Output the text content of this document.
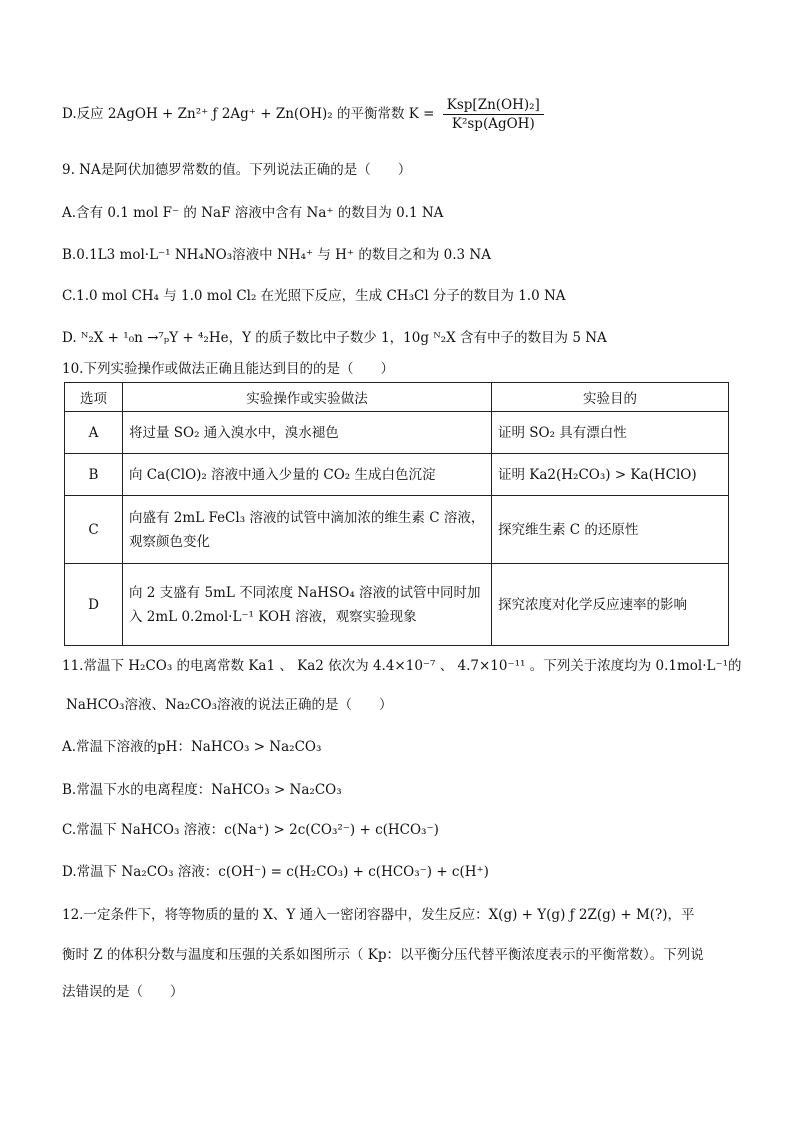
D.反应 2AgOH + Zn²⁺ ƒ 2Ag⁺ + Zn(OH)₂ 的平衡常数 $K = \frac{\text{Ksp[Zn(OH)₂]}}{\text{K²sp(AgOH)}}$
9. NA是阿伏加德罗常数的值。下列说法正确的是（　　）
A.含有 0.1 mol F⁻ 的 NaF 溶液中含有 Na⁺ 的数目为 0.1 NA
B.0.1L3 mol·L⁻¹ NH₄NO₃溶液中 NH₄⁺ 与 H⁺ 的数目之和为 0.3 NA
C.1.0 mol CH₄ 与 1.0 mol Cl₂ 在光照下反应，生成 CH₃Cl 分子的数目为 1.0 NA
D. ᴺ₂X + ¹₀n →⁷ₚY + ⁴₂He，Y 的质子数比中子数少 1，10g ᴺ₂X 含有中子的数目为 5 NA
10.下列实验操作或做法正确且能达到目的的是（　　）
选项	实验操作或实验做法	实验目的
A	将过量 SO₂ 通入溴水中，溴水褪色	证明 SO₂ 具有漂白性
B	向 Ca(ClO)₂ 溶液中通入少量的 CO₂ 生成白色沉淀	证明 Ka2(H₂CO₃) > Ka(HClO)
C	向盛有 2mL FeCl₃ 溶液的试管中滴加浓的维生素 C 溶液，观察颜色变化	探究维生素 C 的还原性
D	向 2 支盛有 5mL 不同浓度 NaHSO₄ 溶液的试管中同时加入 2mL 0.2mol·L⁻¹ KOH 溶液，观察实验现象	探究浓度对化学反应速率的影响
11.常温下 H₂CO₃ 的电离常数 Ka1 、 Ka2 依次为 4.4×10⁻⁷ 、 4.7×10⁻¹¹ 。下列关于浓度均为 0.1mol·L⁻¹的
NaHCO₃溶液、Na₂CO₃溶液的说法正确的是（　　）
A.常温下溶液的pH：NaHCO₃ > Na₂CO₃
B.常温下水的电离程度：NaHCO₃ > Na₂CO₃
C.常温下 NaHCO₃ 溶液：c(Na⁺) > 2c(CO₃²⁻) + c(HCO₃⁻)
D.常温下 Na₂CO₃ 溶液：c(OH⁻) = c(H₂CO₃) + c(HCO₃⁻) + c(H⁺)
12.一定条件下，将等物质的量的 X、Y 通入一密闭容器中，发生反应：X(g) + Y(g) ƒ 2Z(g) + M(?)，平
衡时 Z 的体积分数与温度和压强的关系如图所示（ Kp：以平衡分压代替平衡浓度表示的平衡常数）。下列说
法错误的是（　　）
